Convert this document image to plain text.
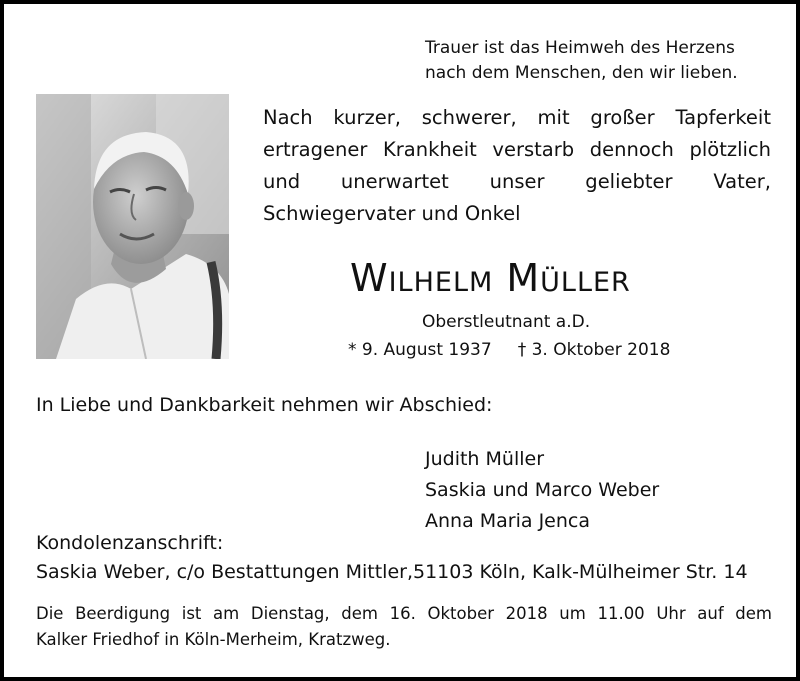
Trauer ist das Heimweh des Herzens
nach dem Menschen, den wir lieben.
Nach kurzer, schwerer, mit großer Tapferkeit
ertragener Krankheit verstarb dennoch plötzlich
und unerwartet unser geliebter Vater,
Schwiegervater und Onkel
Wilhelm Müller
Oberstleutnant a.D.
* 9. August 1937 † 3. Oktober 2018
In Liebe und Dankbarkeit nehmen wir Abschied:
Judith Müller
Saskia und Marco Weber
Anna Maria Jenca
Kondolenzanschrift:
Saskia Weber, c/o Bestattungen Mittler,51103 Köln, Kalk-Mülheimer Str. 14
Die Beerdigung ist am Dienstag, dem 16. Oktober 2018 um 11.00 Uhr auf dem
Kalker Friedhof in Köln-Merheim, Kratzweg.
